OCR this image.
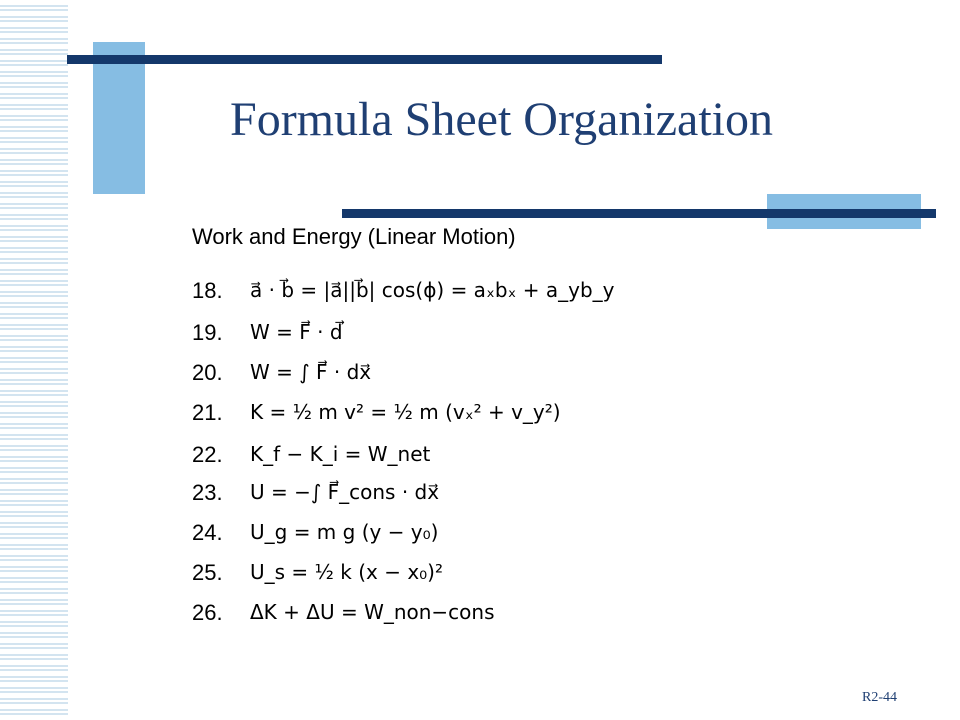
Formula Sheet Organization
Work and Energy (Linear Motion)
18. a⃗ · b⃗ = |a⃗||b⃗| cos(ϕ) = aₓbₓ + a_yb_y
19. W = F⃗ · d⃗
20. W = ∫ F⃗ · dx⃗
21. K = ½ m v² = ½ m (vₓ² + v_y²)
22. K_f − K_i = W_net
23. U = −∫ F⃗_cons · dx⃗
24. U_g = m g (y − y₀)
25. U_s = ½ k (x − x₀)²
26. ΔK + ΔU = W_non−cons
R2-44
